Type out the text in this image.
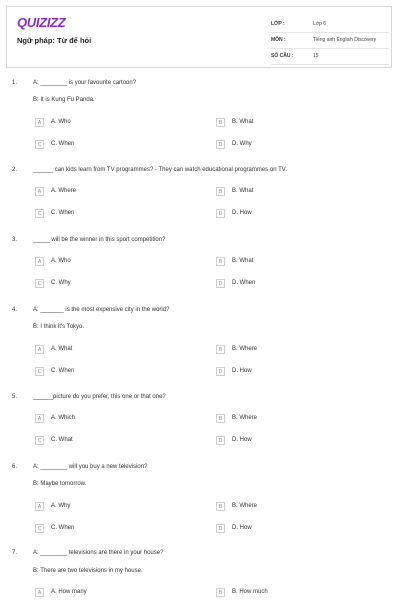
QUIZIZZ
Ngữ pháp: Từ để hỏi
LỚP :	Lớp 6
MÔN :	Tiếng anh English Discovery
SỐ CÂU :	15
1.	A: ________ is your favourite cartoon?
B: It is Kung Fu Panda.
A	A. Who	B	B. What
C	C. When	D	D. Why
2.	______ can kids learn from TV programmes? - They can watch educational programmes on TV.
A	A. Where	B	B. What
C	C. When	D	D. How
3.	_____ will be the winner in this sport competition?
A	A. Who	B	B. What
C	C. Why	D	D. When
4.	A: _______ is the most expensive city in the world?
B: I think it's Tokyo.
A	A. What	B	B. Where
C	C. When	D	D. How
5.	______picture do you prefer, this one or that one?
A	A. Which	B	B. Where
C	C. What	D	D. How
6.	A: ________ will you buy a new television?
B: Maybe tomorrow.
A	A. Why	B	B. Where
C	C. When	D	D. How
7.	A: ________ televisions are there in your house?
B: There are two televisions in my house.
A	A. How many	B	B. How much
